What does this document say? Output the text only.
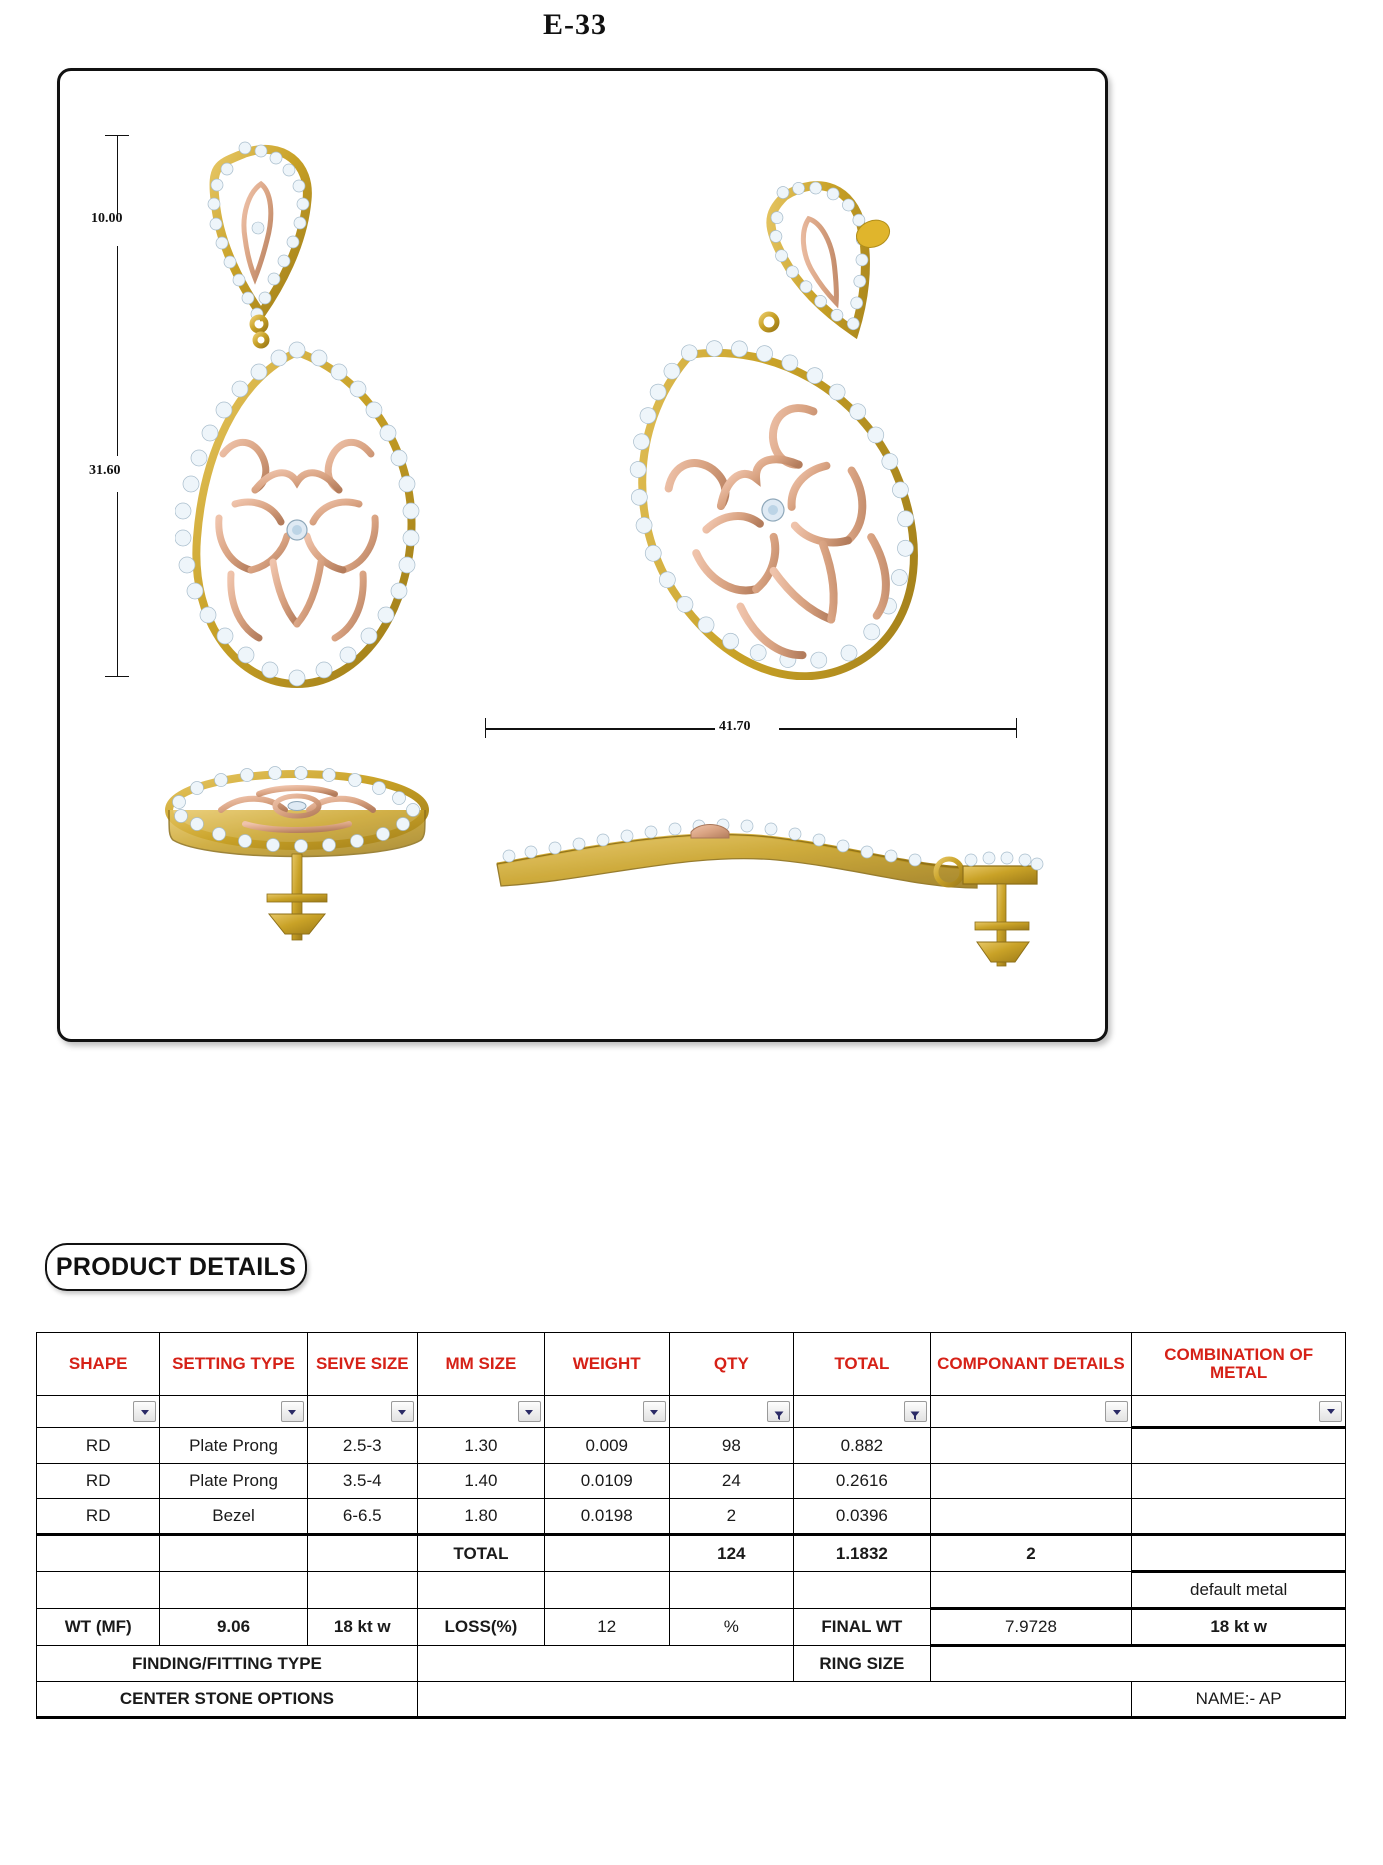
E-33
10.00
31.60
41.70
PRODUCT DETAILS
SHAPE	SETTING TYPE	SEIVE SIZE	MM SIZE	WEIGHT	QTY	TOTAL	COMPONANT DETAILS	COMBINATION OF METAL

RD	Plate Prong	2.5-3	1.30	0.009	98	0.882		
RD	Plate Prong	3.5-4	1.40	0.0109	24	0.2616		
RD	Bezel	6-6.5	1.80	0.0198	2	0.0396		
			TOTAL		124	1.1832	2	
								default metal
WT (MF)	9.06	18 kt w	LOSS(%)	12	%	FINAL WT	7.9728	18 kt w
FINDING/FITTING TYPE						RING SIZE		
CENTER STONE OPTIONS								NAME:- AP
